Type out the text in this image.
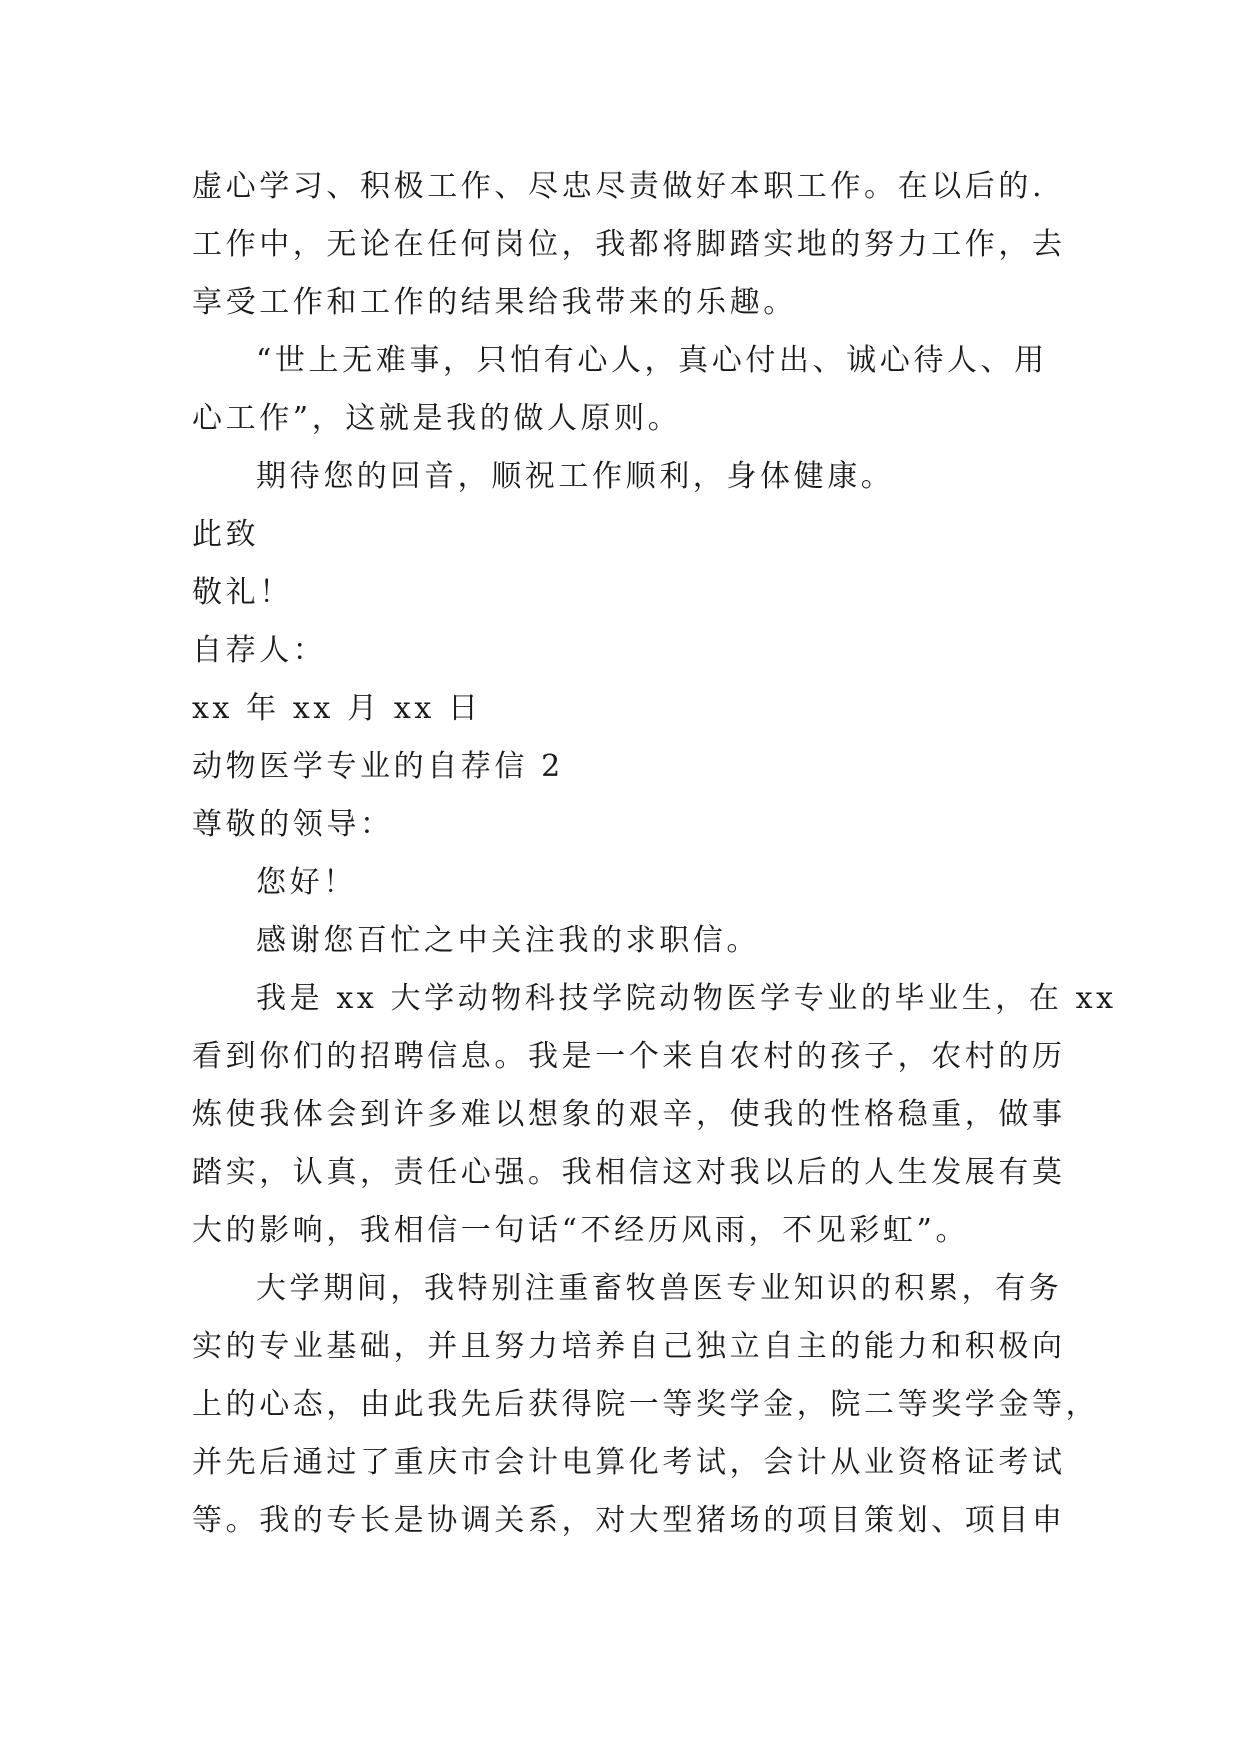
虚心学习、积极工作、尽忠尽责做好本职工作。在以后的.
工作中，无论在任何岗位，我都将脚踏实地的努力工作，去
享受工作和工作的结果给我带来的乐趣。
“世上无难事，只怕有心人，真心付出、诚心待人、用
心工作”，这就是我的做人原则。
期待您的回音，顺祝工作顺利，身体健康。
此致
敬礼！
自荐人：
xx 年 xx 月 xx 日
动物医学专业的自荐信 2
尊敬的领导：
您好！
感谢您百忙之中关注我的求职信。
我是 xx 大学动物科技学院动物医学专业的毕业生，在 xx
看到你们的招聘信息。我是一个来自农村的孩子，农村的历
炼使我体会到许多难以想象的艰辛，使我的性格稳重，做事
踏实，认真，责任心强。我相信这对我以后的人生发展有莫
大的影响，我相信一句话“不经历风雨，不见彩虹”。
大学期间，我特别注重畜牧兽医专业知识的积累，有务
实的专业基础，并且努力培养自己独立自主的能力和积极向
上的心态，由此我先后获得院一等奖学金，院二等奖学金等，
并先后通过了重庆市会计电算化考试，会计从业资格证考试
等。我的专长是协调关系，对大型猪场的项目策划、项目申
